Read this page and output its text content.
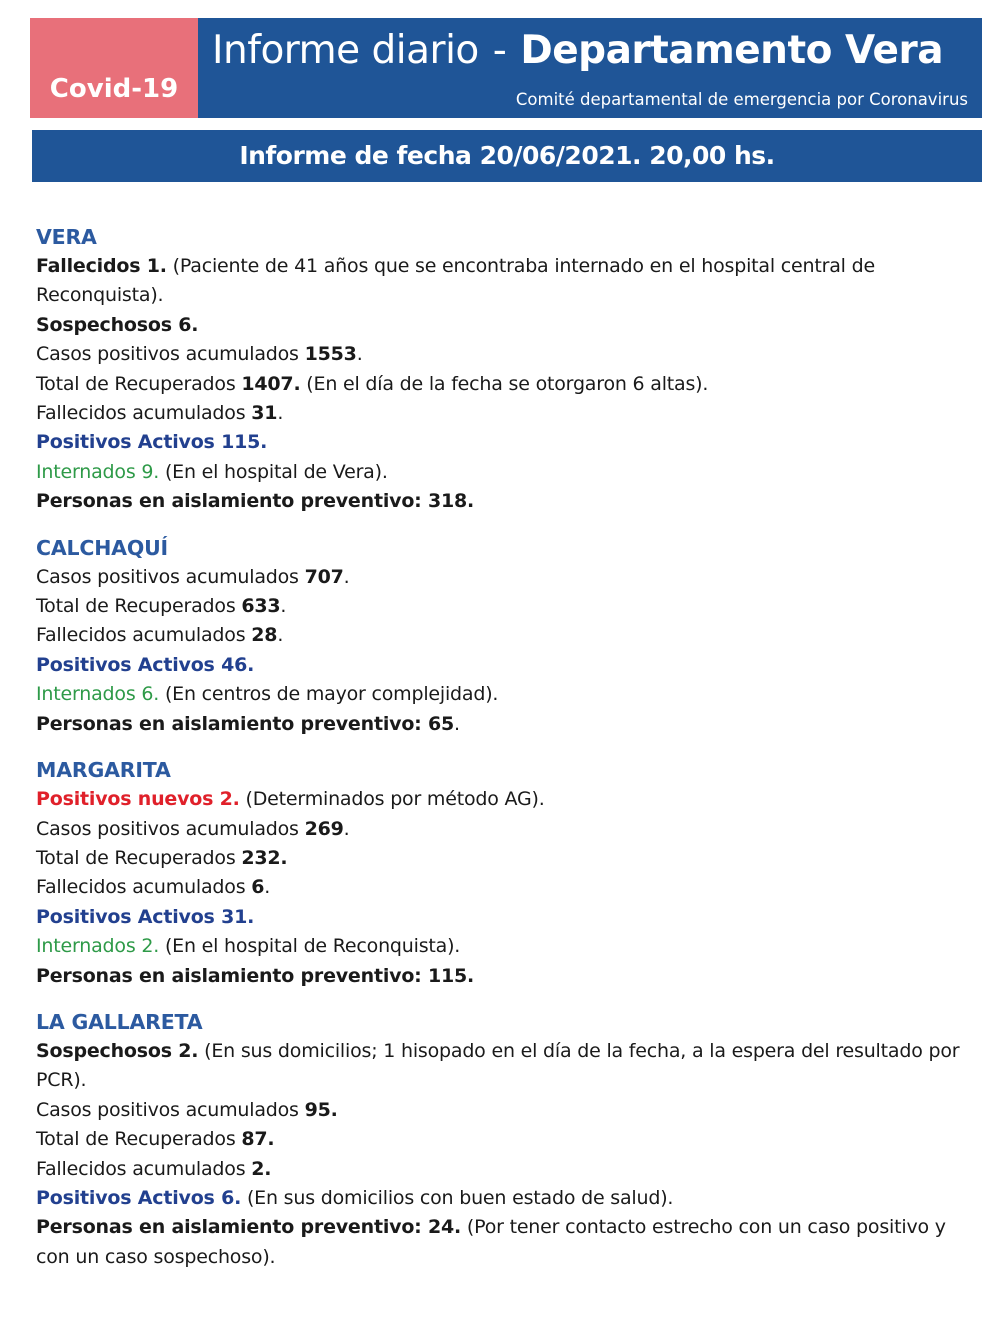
Covid-19
Informe diario - Departamento Vera
Comité departamental de emergencia por Coronavirus
Informe de fecha 20/06/2021. 20,00 hs.
VERA

Fallecidos 1. (Paciente de 41 años que se encontraba internado en el hospital central de Reconquista).

Sospechosos 6.

Casos positivos acumulados 1553.

Total de Recuperados 1407. (En el día de la fecha se otorgaron 6 altas).

Fallecidos acumulados 31.

Positivos Activos 115.

Internados 9. (En el hospital de Vera).

Personas en aislamiento preventivo: 318.

CALCHAQUÍ

Casos positivos acumulados 707.

Total de Recuperados 633.

Fallecidos acumulados 28.

Positivos Activos 46.

Internados 6. (En centros de mayor complejidad).

Personas en aislamiento preventivo: 65.

MARGARITA

Positivos nuevos 2. (Determinados por método AG).

Casos positivos acumulados 269.

Total de Recuperados 232.

Fallecidos acumulados 6.

Positivos Activos 31.

Internados 2. (En el hospital de Reconquista).

Personas en aislamiento preventivo: 115.

LA GALLARETA

Sospechosos 2. (En sus domicilios; 1 hisopado en el día de la fecha, a la espera del resultado por PCR).

Casos positivos acumulados 95.

Total de Recuperados 87.

Fallecidos acumulados 2.

Positivos Activos 6. (En sus domicilios con buen estado de salud).

Personas en aislamiento preventivo: 24. (Por tener contacto estrecho con un caso positivo y con un caso sospechoso).
